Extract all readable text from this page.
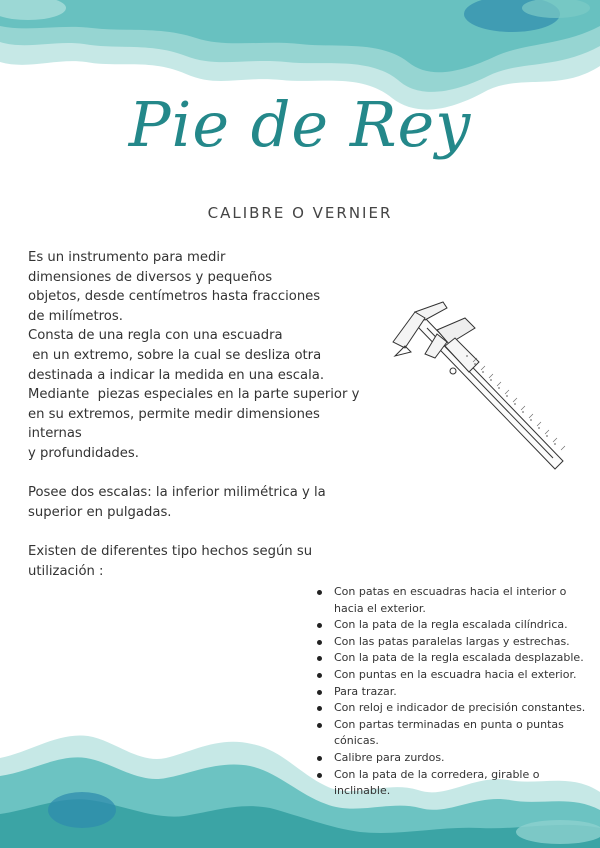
Pie de Rey
CALIBRE O VERNIER
Es un instrumento para medir
dimensiones de diversos y pequeños
objetos, desde centímetros hasta fracciones
de milímetros.
Consta de una regla con una escuadra
en un extremo, sobre la cual se desliza otra
destinada a indicar la medida en una escala.
Mediante  piezas especiales en la parte superior y
en su extremos, permite medir dimensiones
internas
y profundidades.
Posee dos escalas: la inferior milimétrica y la
superior en pulgadas.
Existen de diferentes tipo hechos según su
utilización :
Con patas en escuadras hacia el interior o
hacia el exterior.
Con la pata de la regla escalada cilíndrica.
Con las patas paralelas largas y estrechas.
Con la pata de la regla escalada desplazable.
Con puntas en la escuadra hacia el exterior.
Para trazar.
Con reloj e indicador de precisión constantes.
Con partas terminadas en punta o puntas
cónicas.
Calibre para zurdos.
Con la pata de la corredera, girable o
inclinable.
